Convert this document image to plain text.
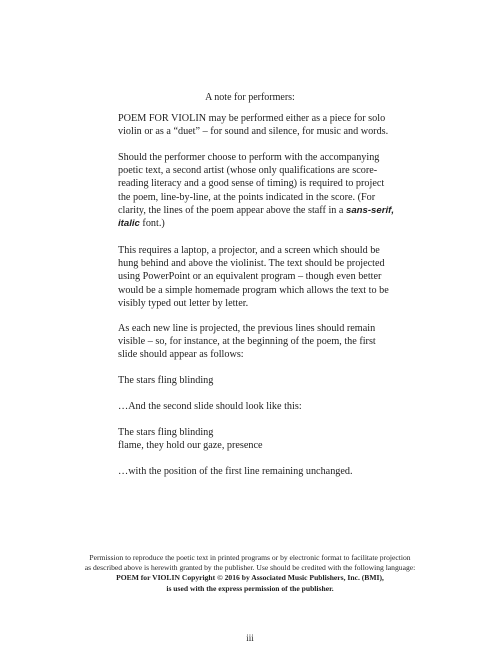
A note for performers:

POEM FOR VIOLIN may be performed either as a piece for solo violin or as a “duet” – for sound and silence, for music and words.

Should the performer choose to perform with the accompanying poetic text, a second artist (whose only qualifications are score-reading literacy and a good sense of timing) is required to project the poem, line-by-line, at the points indicated in the score. (For clarity, the lines of the poem appear above the staff in a sans-serif, italic font.)

This requires a laptop, a projector, and a screen which should be hung behind and above the violinist. The text should be projected using PowerPoint or an equivalent program – though even better would be a simple homemade program which allows the text to be visibly typed out letter by letter.

As each new line is projected, the previous lines should remain visible – so, for instance, at the beginning of the poem, the first slide should appear as follows:

The stars fling blinding

…And the second slide should look like this:

The stars fling blinding
flame, they hold our gaze, presence

…with the position of the first line remaining unchanged.

Permission to reproduce the poetic text in printed programs or by electronic format to facilitate projection
as described above is herewith granted by the publisher. Use should be credited with the following language:
POEM for VIOLIN Copyright © 2016 by Associated Music Publishers, Inc. (BMI),
is used with the express permission of the publisher.
iii
